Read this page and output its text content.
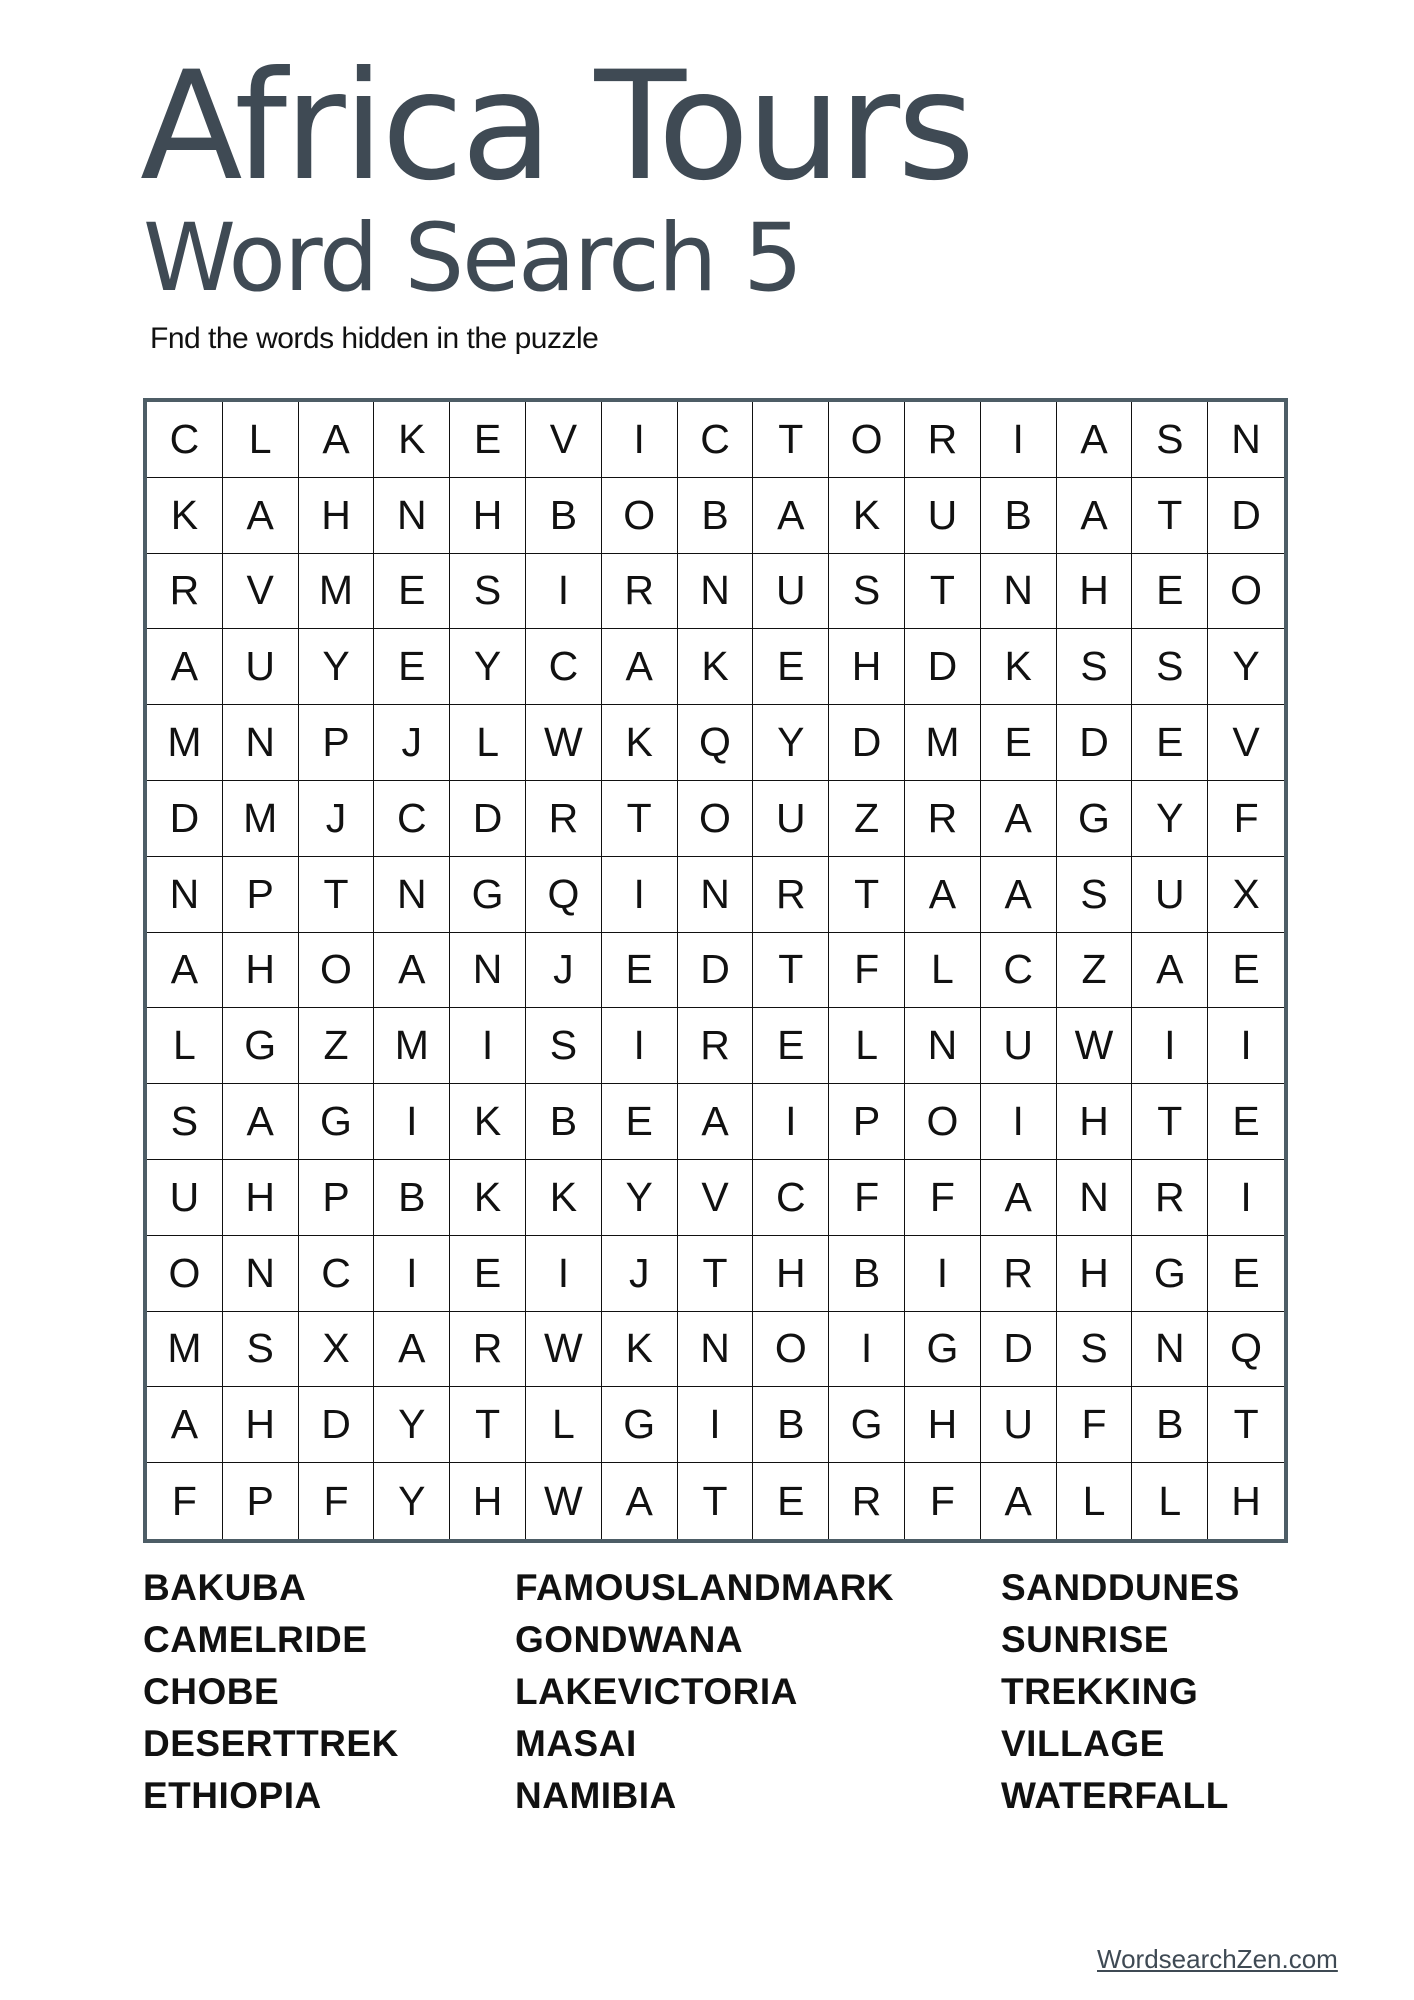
Africa Tours
Word Search 5
Fnd the words hidden in the puzzle
C	L	A	K	E	V	I	C	T	O	R	I	A	S	N
K	A	H	N	H	B	O	B	A	K	U	B	A	T	D
R	V	M	E	S	I	R	N	U	S	T	N	H	E	O
A	U	Y	E	Y	C	A	K	E	H	D	K	S	S	Y
M	N	P	J	L	W	K	Q	Y	D	M	E	D	E	V
D	M	J	C	D	R	T	O	U	Z	R	A	G	Y	F
N	P	T	N	G	Q	I	N	R	T	A	A	S	U	X
A	H	O	A	N	J	E	D	T	F	L	C	Z	A	E
L	G	Z	M	I	S	I	R	E	L	N	U	W	I	I
S	A	G	I	K	B	E	A	I	P	O	I	H	T	E
U	H	P	B	K	K	Y	V	C	F	F	A	N	R	I
O	N	C	I	E	I	J	T	H	B	I	R	H	G	E
M	S	X	A	R	W	K	N	O	I	G	D	S	N	Q
A	H	D	Y	T	L	G	I	B	G	H	U	F	B	T
F	P	F	Y	H	W	A	T	E	R	F	A	L	L	H
BAKUBA
CAMELRIDE
CHOBE
DESERTTREK
ETHIOPIA
FAMOUSLANDMARK
GONDWANA
LAKEVICTORIA
MASAI
NAMIBIA
SANDDUNES
SUNRISE
TREKKING
VILLAGE
WATERFALL
WordsearchZen.com
